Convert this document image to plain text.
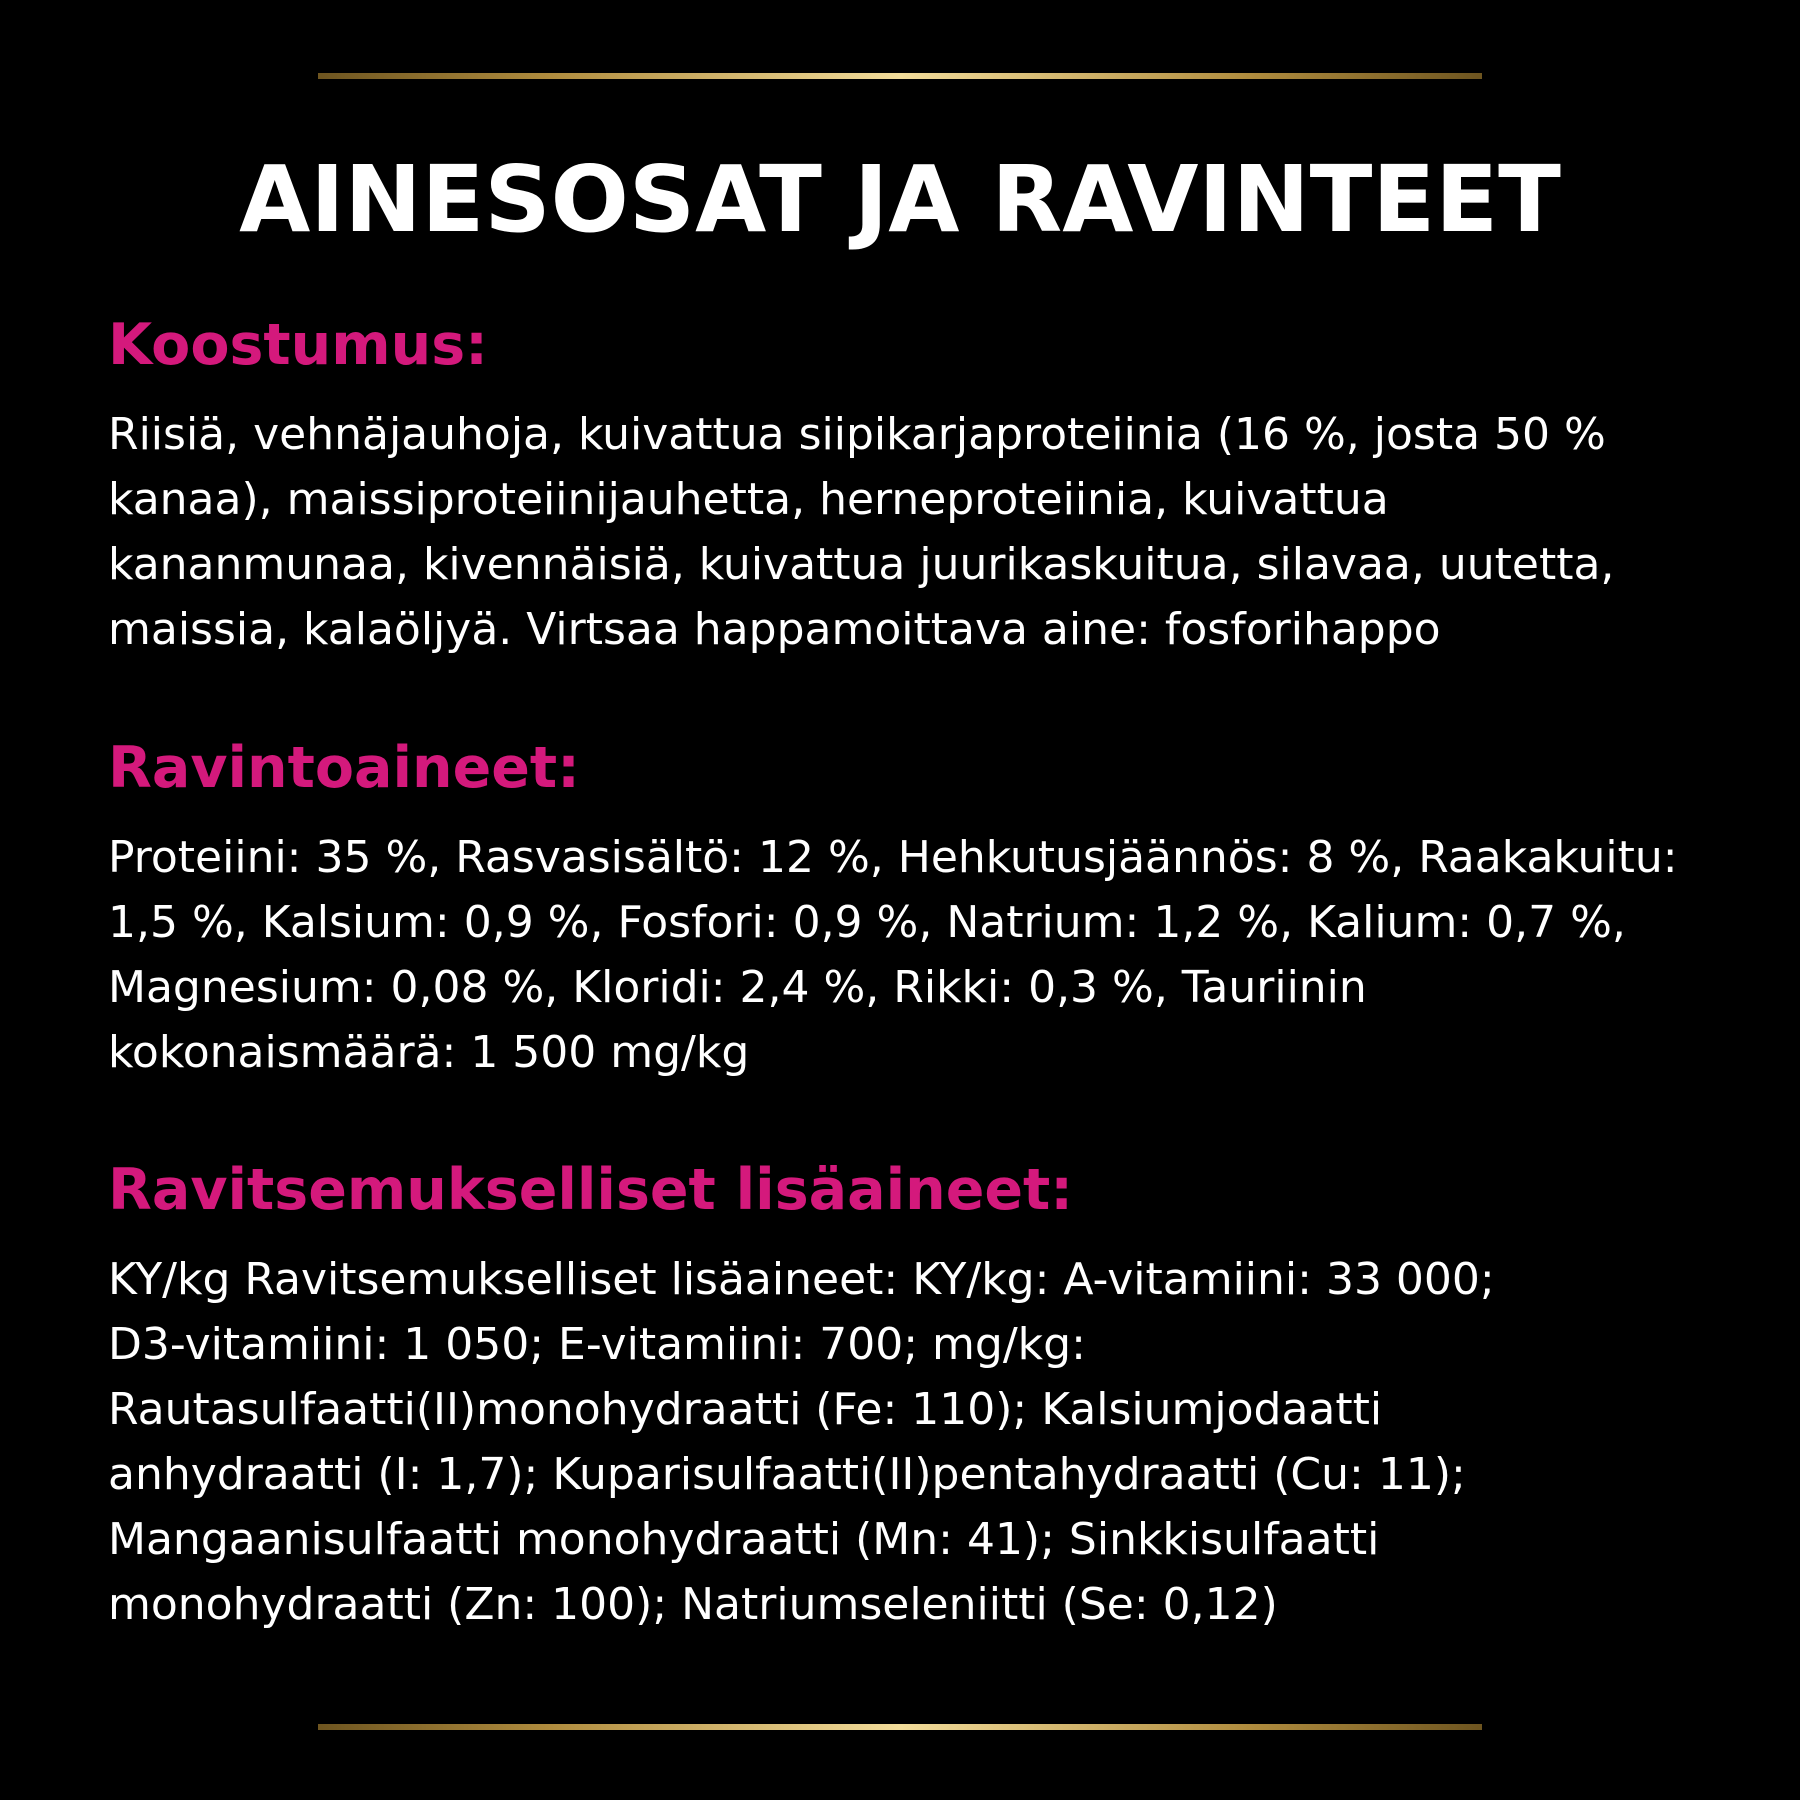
AINESOSAT JA RAVINTEET
Koostumus:

Riisiä, vehnäjauhoja, kuivattua siipikarjaproteiinia (16 %, josta 50 %
kanaa), maissiproteiinijauhetta, herneproteiinia, kuivattua
kananmunaa, kivennäisiä, kuivattua juurikaskuitua, silavaa, uutetta,
maissia, kalaöljyä. Virtsaa happamoittava aine: fosforihappo

Ravintoaineet:

Proteiini: 35 %, Rasvasisältö: 12 %, Hehkutusjäännös: 8 %, Raakakuitu:
1,5 %, Kalsium: 0,9 %, Fosfori: 0,9 %, Natrium: 1,2 %, Kalium: 0,7 %,
Magnesium: 0,08 %, Kloridi: 2,4 %, Rikki: 0,3 %, Tauriinin
kokonaismäärä: 1 500 mg/kg

Ravitsemukselliset lisäaineet:

KY/kg Ravitsemukselliset lisäaineet: KY/kg: A-vitamiini: 33 000;
D3-vitamiini: 1 050; E-vitamiini: 700; mg/kg:
Rautasulfaatti(II)monohydraatti (Fe: 110); Kalsiumjodaatti
anhydraatti (I: 1,7); Kuparisulfaatti(II)pentahydraatti (Cu: 11);
Mangaanisulfaatti monohydraatti (Mn: 41); Sinkkisulfaatti
monohydraatti (Zn: 100); Natriumseleniitti (Se: 0,12)
